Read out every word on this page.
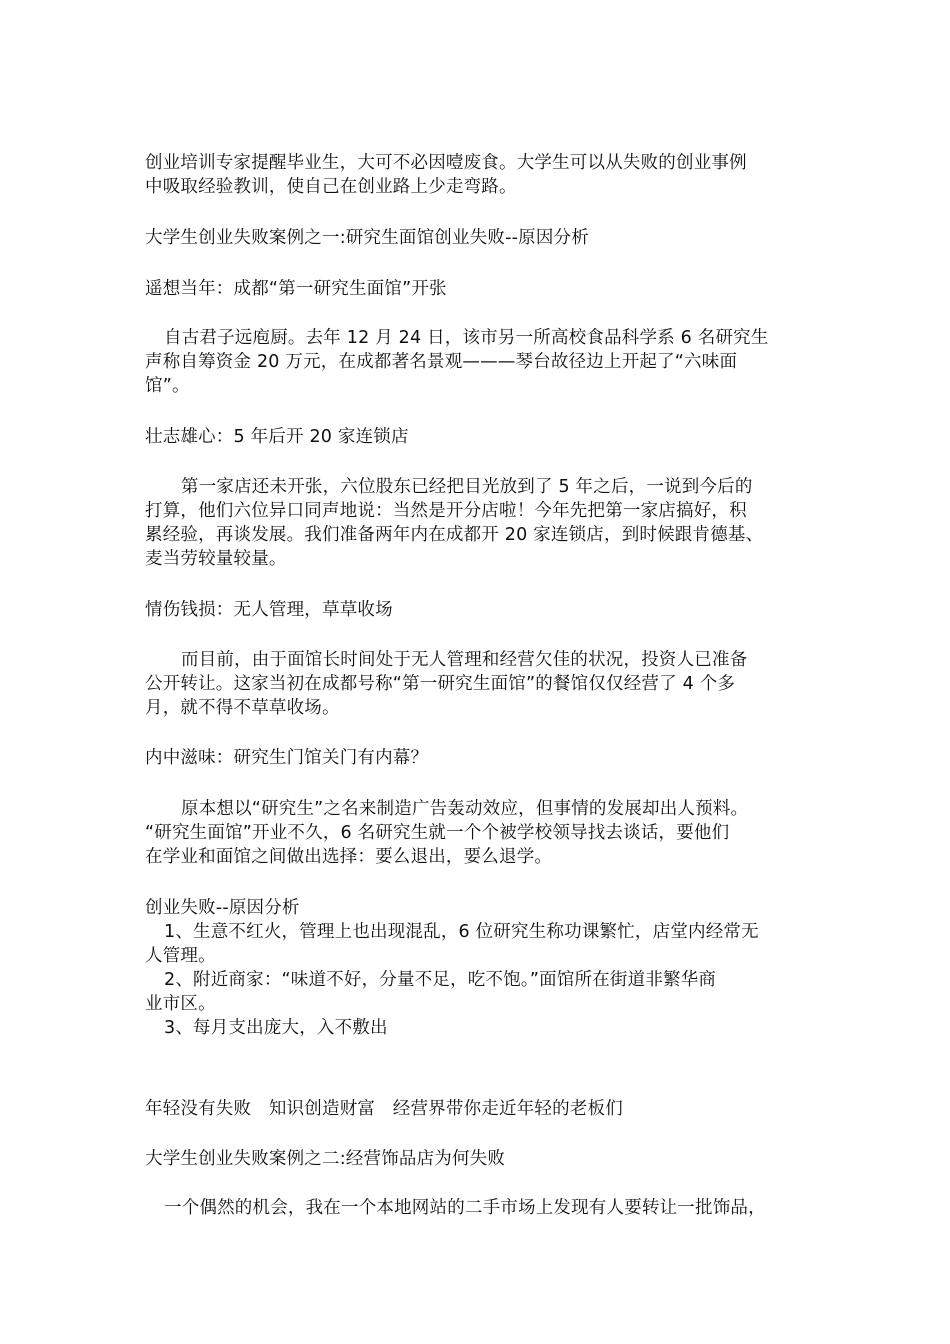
创业培训专家提醒毕业生，大可不必因噎废食。大学生可以从失败的创业事例
中吸取经验教训，使自己在创业路上少走弯路。
大学生创业失败案例之一:研究生面馆创业失败--原因分析
遥想当年：成都“第一研究生面馆”开张
自古君子远庖厨。去年 12 月 24 日，该市另一所高校食品科学系 6 名研究生
声称自筹资金 20 万元，在成都著名景观———琴台故径边上开起了“六味面
馆”。
壮志雄心：5 年后开 20 家连锁店
第一家店还未开张，六位股东已经把目光放到了 5 年之后，一说到今后的
打算，他们六位异口同声地说：当然是开分店啦！今年先把第一家店搞好，积
累经验，再谈发展。我们准备两年内在成都开 20 家连锁店，到时候跟肯德基、
麦当劳较量较量。
情伤钱损：无人管理，草草收场
而目前，由于面馆长时间处于无人管理和经营欠佳的状况，投资人已准备
公开转让。这家当初在成都号称“第一研究生面馆”的餐馆仅仅经营了 4 个多
月，就不得不草草收场。
内中滋味：研究生门馆关门有内幕？
原本想以“研究生”之名来制造广告轰动效应，但事情的发展却出人预料。
“研究生面馆”开业不久，6 名研究生就一个个被学校领导找去谈话，要他们
在学业和面馆之间做出选择：要么退出，要么退学。
创业失败--原因分析
1、生意不红火，管理上也出现混乱，6 位研究生称功课繁忙，店堂内经常无
人管理。
2、附近商家：“味道不好，分量不足，吃不饱。”面馆所在街道非繁华商
业市区。
3、每月支出庞大，入不敷出
年轻没有失败　知识创造财富　经营界带你走近年轻的老板们
大学生创业失败案例之二:经营饰品店为何失败
一个偶然的机会，我在一个本地网站的二手市场上发现有人要转让一批饰品，
